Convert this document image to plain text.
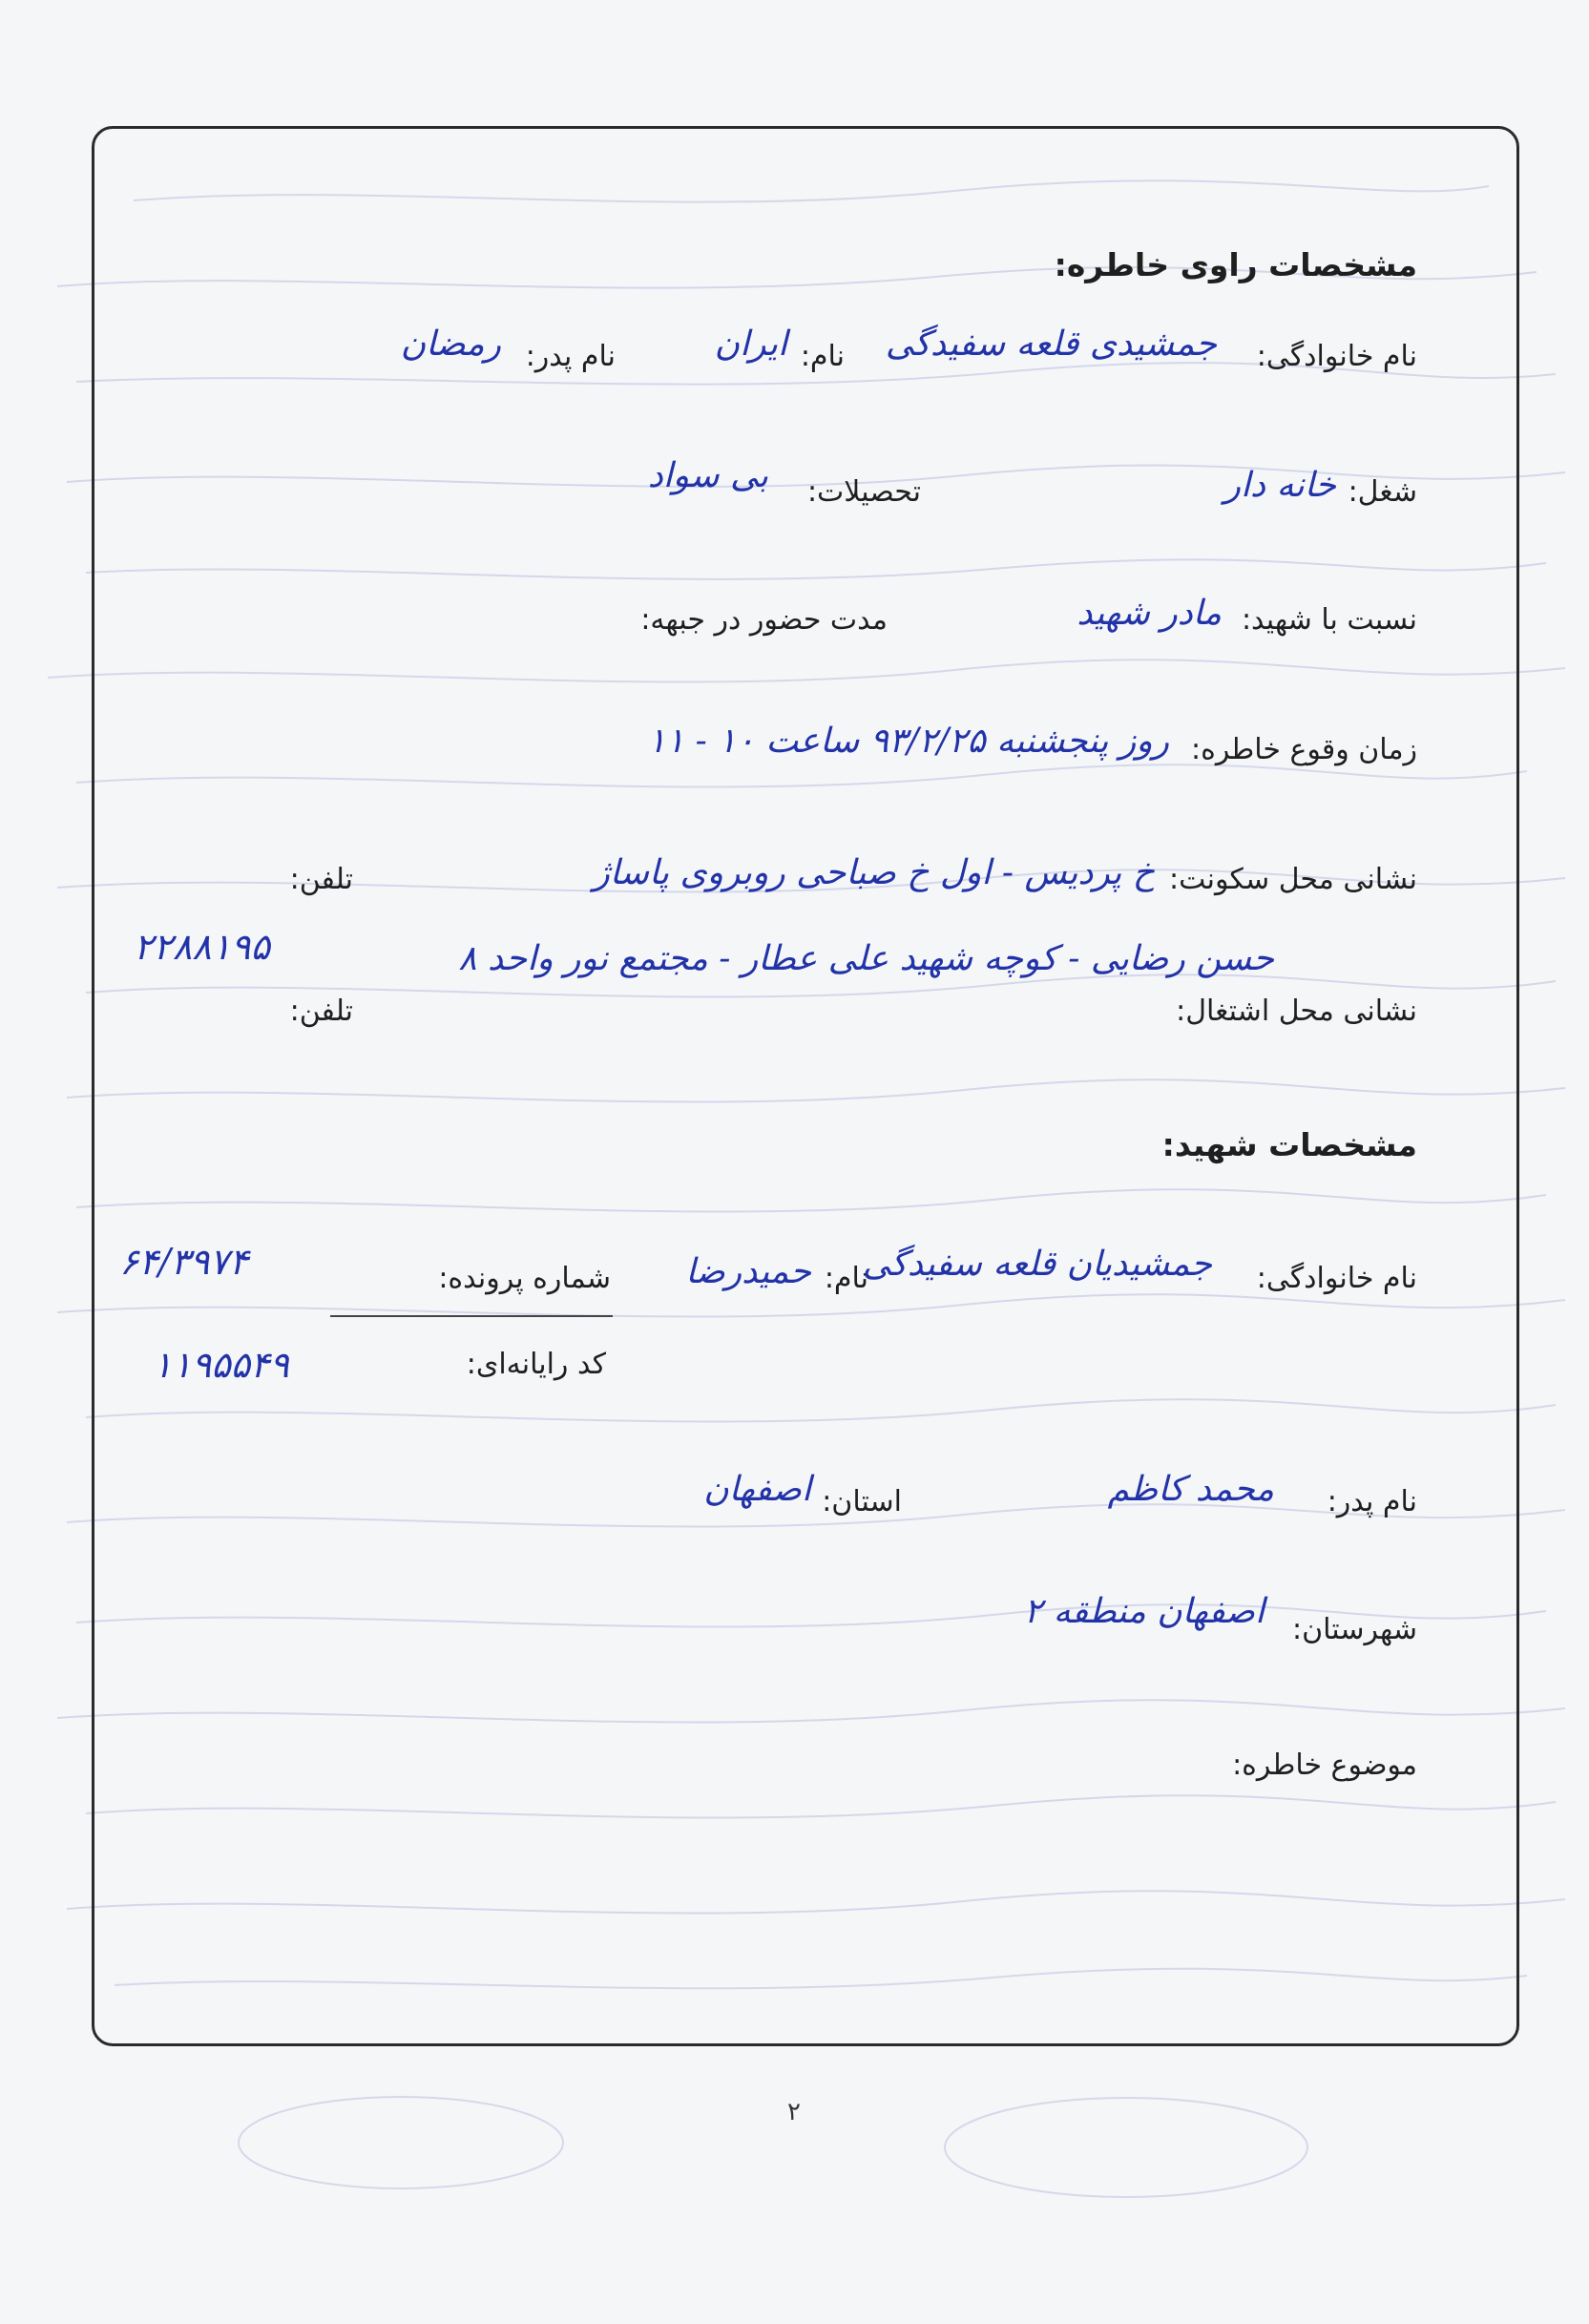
مشخصات راوی خاطره:
نام خانوادگی:
جمشیدی قلعه سفیدگی
نام:
ایران
نام پدر:
رمضان
شغل:
خانه دار
تحصیلات:
بی سواد
نسبت با شهید:
مادر شهید
مدت حضور در جبهه:
زمان وقوع خاطره:
روز پنجشنبه ۹۳/۲/۲۵ ساعت ۱۰ - ۱۱
نشانی محل سکونت:
خ پردیس - اول خ صباحی روبروی پاساژ
تلفن:
حسن رضایی - کوچه شهید علی عطار - مجتمع نور واحد ۸
۲۲۸۸۱۹۵
نشانی محل اشتغال:
تلفن:
مشخصات شهید:
نام خانوادگی:
جمشیدیان قلعه سفیدگی
نام:
حمیدرضا
شماره پرونده:
۶۴/۳۹۷۴
کد رایانه‌ای:
۱۱۹۵۵۴۹
نام پدر:
محمد کاظم
استان:
اصفهان
شهرستان:
اصفهان منطقه ۲
موضوع خاطره:
۲
